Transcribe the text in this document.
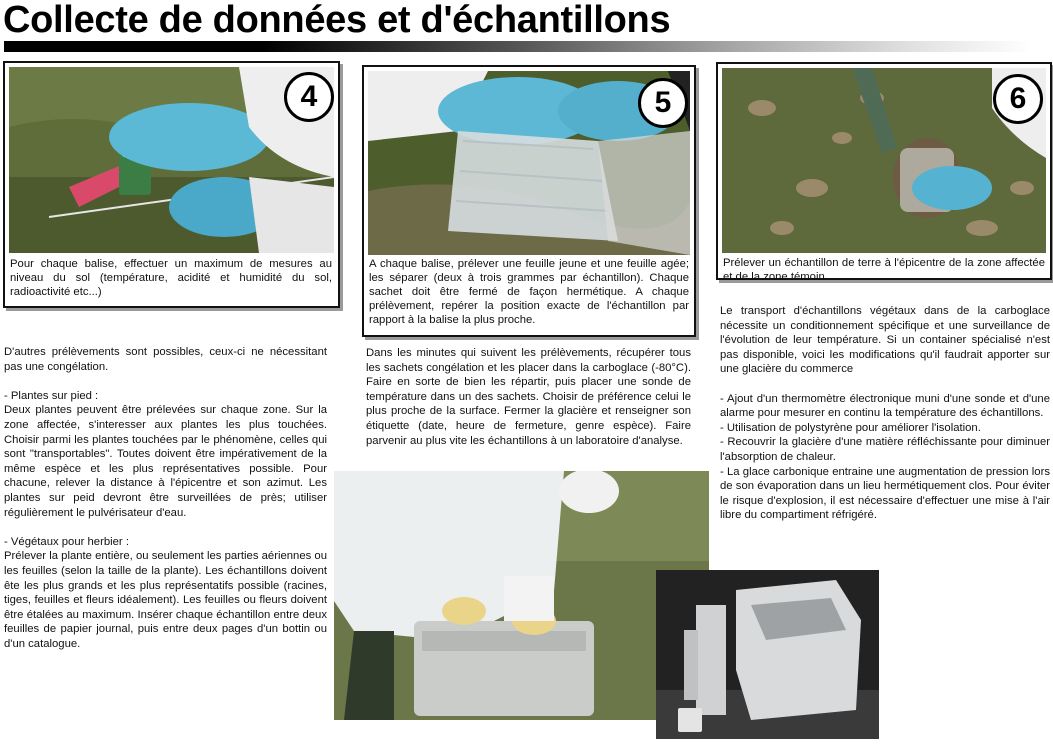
Collecte de données et d'échantillons
4
Pour chaque balise, effectuer un maximum de mesures au niveau du sol (température, acidité et humidité du sol, radioactivité etc...)
5
A chaque balise, prélever une feuille jeune et une feuille agée; les séparer (deux à trois grammes par échantillon). Chaque sachet doit être fermé de façon hermétique. A chaque prélèvement, repérer la position exacte de l'échantillon par rapport à la balise la plus proche.
6
Prélever un échantillon de terre à l'épicentre de la zone affectée et de la zone témoin.
D'autres prélèvements sont possibles, ceux-ci ne nécessitant pas une congélation.

- Plantes sur pied :
Deux plantes peuvent être prélevées sur chaque zone. Sur la zone affectée, s'interesser aux plantes les plus touchées. Choisir parmi les plantes touchées par le phénomène, celles qui sont "transportables". Toutes doivent être impérativement de la même espèce et les plus représentatives possible. Pour chacune, relever la distance à l'épicentre et son azimut. Les plantes sur peid devront être surveillées de près; utiliser régulièrement le pulvérisateur d'eau.

- Végétaux pour herbier :
Prélever la plante entière, ou seulement les parties aériennes ou les feuilles (selon la taille de la plante). Les échantillons doivent ête les plus grands et les plus représentatifs possible (racines, tiges, feuilles et fleurs idéalement). Les feuilles ou fleurs doivent être étalées au maximum. Insérer chaque échantillon entre deux feuilles de papier journal, puis entre deux pages d'un bottin ou d'un catalogue.
Dans les minutes qui suivent les prélèvements, récupérer tous les sachets congélation et les placer dans la carboglace (-80°C). Faire en sorte de bien les répartir, puis placer une sonde de température dans un des sachets. Choisir de préférence celui le plus proche de la surface. Fermer la glacière et renseigner son étiquette (date, heure de fermeture, genre espèce). Faire parvenir au plus vite les échantillons à un laboratoire d'analyse.
Le transport d'échantillons végétaux dans de la carboglace nécessite un conditionnement spécifique et une surveillance de l'évolution de leur température. Si un container spécialisé n'est pas disponible, voici les modifications qu'il faudrait apporter sur une glacière du commerce

- Ajout d'un thermomètre électronique muni d'une sonde et d'une alarme pour mesurer en continu la température des échantillons.
- Utilisation de polystyrène pour améliorer l'isolation.
- Recouvrir la glacière d'une matière réfléchissante pour diminuer l'absorption de chaleur.
- La glace carbonique entraine une augmentation de pression lors de son évaporation dans un lieu hermétiquement clos. Pour éviter le risque d'explosion, il est nécessaire d'effectuer une mise à l'air libre du compartiment réfrigéré.
